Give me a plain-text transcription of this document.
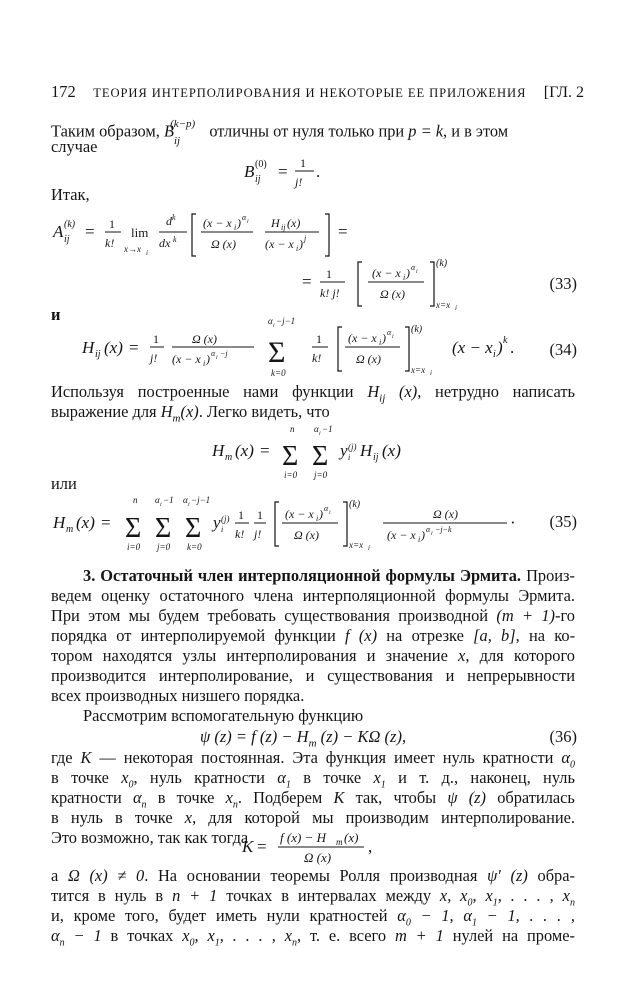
172 ТЕОРИЯ ИНТЕРПОЛИРОВАНИЯ И НЕКОТОРЫЕ ЕЕ ПРИЛОЖЕНИЯ [ГЛ. 2
Таким образом, $B_{ij}^{(k-p)}$ отличны от нуля только при p = k, и в этом
случае
B (0)
ij = 1
j!
.
Итак,
A (k)
ij = 1
k!
lim
x→x i
d k
dx k
(x − x i ) α i
Ω (x)
H ij (x)
(x − x i ) j =
= 1
k! j!
(x − x i ) α i
Ω (x)
(k)
x=x i
(33)
и
H ij (x) = 1
j!
Ω (x)
(x − x i ) α i −j
α i −j−1
Σ
k=0
1
k!
(x − x i ) α i
Ω (x)
(k)
x=x i
(x − x i ) k . (34)
Используя построенные нами функции $H_{ij}$ (x), нетрудно написать
выражение для $H_m(x)$. Легко видеть, что
H m (x) =
n
Σ
i=0
α i −1
Σ
j=0
y (j)
i H ij (x)
или
H m (x) =
n
Σ
i=0
α i −1
Σ
j=0
α i −j−1
Σ
k=0
y (j)
i
1
k!
1
j!
(x − x i ) α i
Ω (x)
(k)
x=x i
Ω (x)
(x − x i ) α i −j−k	· (35)
3. Остаточный член интерполяционной формулы Эрмита. Произ-
ведем оценку остаточного члена интерполяционной формулы Эрмита.
При этом мы будем требовать существования производной (m + 1)-го
порядка от интерполируемой функции f (x) на отрезке [a, b], на ко-
тором находятся узлы интерполирования и значение x, для которого
производится интерполирование, и существования и непрерывности
всех производных низшего порядка.
Рассмотрим вспомогательную функцию
ψ (z) = f $(z) - H_m$ (z) − KΩ (z),	(36)
где K — некоторая постоянная. Эта функция имеет нуль кратности $\alpha_0$
в точке $x_0$, нуль кратности $\alpha_1$ в точке $x_1$ и т. д., наконец, нуль
кратности $\alpha_n$ в точке $x_n$. Подберем K так, чтобы ψ (z) обратилась
в нуль в точке x, для которой мы производим интерполирование.
Это возможно, так как тогда
K = f (x) − H m (x)
Ω (x)
,
а Ω (x) ≠ 0. На основании теоремы Ролля производная ψ′ (z) обра-
тится в нуль в n + 1 точках в интервалах между x, $x_0$, $x_1$, . . . , $x_n$
и, кроме того, будет иметь нули кратностей $\alpha_0 - 1$, $\alpha_1 - 1$, . . . ,
$\alpha_n - 1$ в точках $x_0$, $x_1$, . . . , $x_n$, т. е. всего m + 1 нулей на проме-
